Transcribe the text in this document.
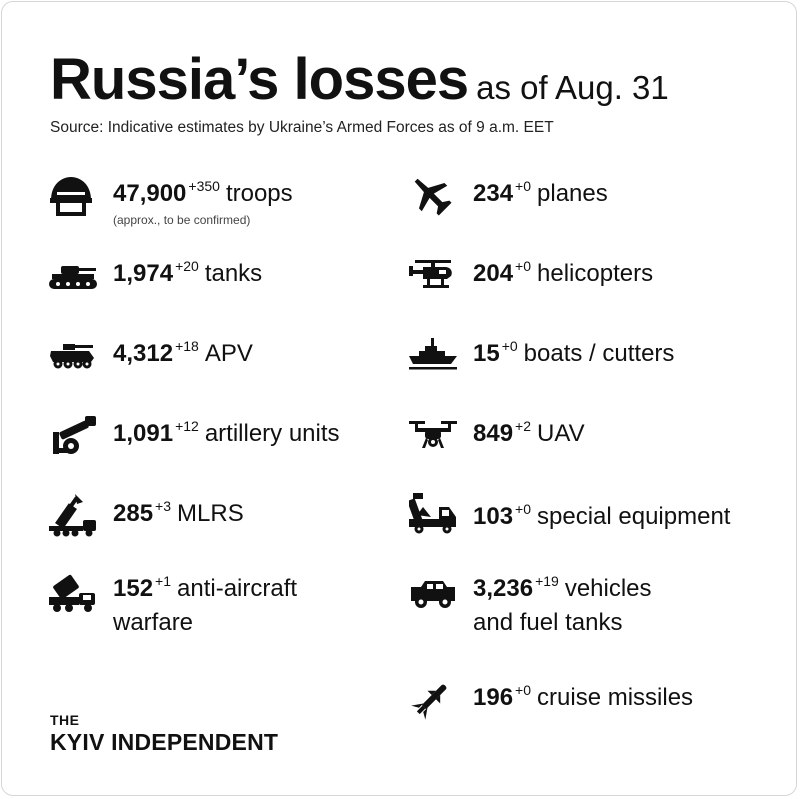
Russia’s losses as of Aug. 31
Source: Indicative estimates by Ukraine’s Armed Forces as of 9 a.m. EET
47,900 +350 troops
(approx., to be confirmed)
1,974 +20 tanks
4,312 +18 APV
1,091 +12 artillery units
285 +3 MLRS
152 +1 anti-aircraft
warfare
234 +0 planes
204 +0 helicopters
15 +0 boats / cutters
849 +2 UAV
103 +0 special equipment
3,236 +19 vehicles
and fuel tanks
196 +0 cruise missiles
THE
KYIV INDEPENDENT
